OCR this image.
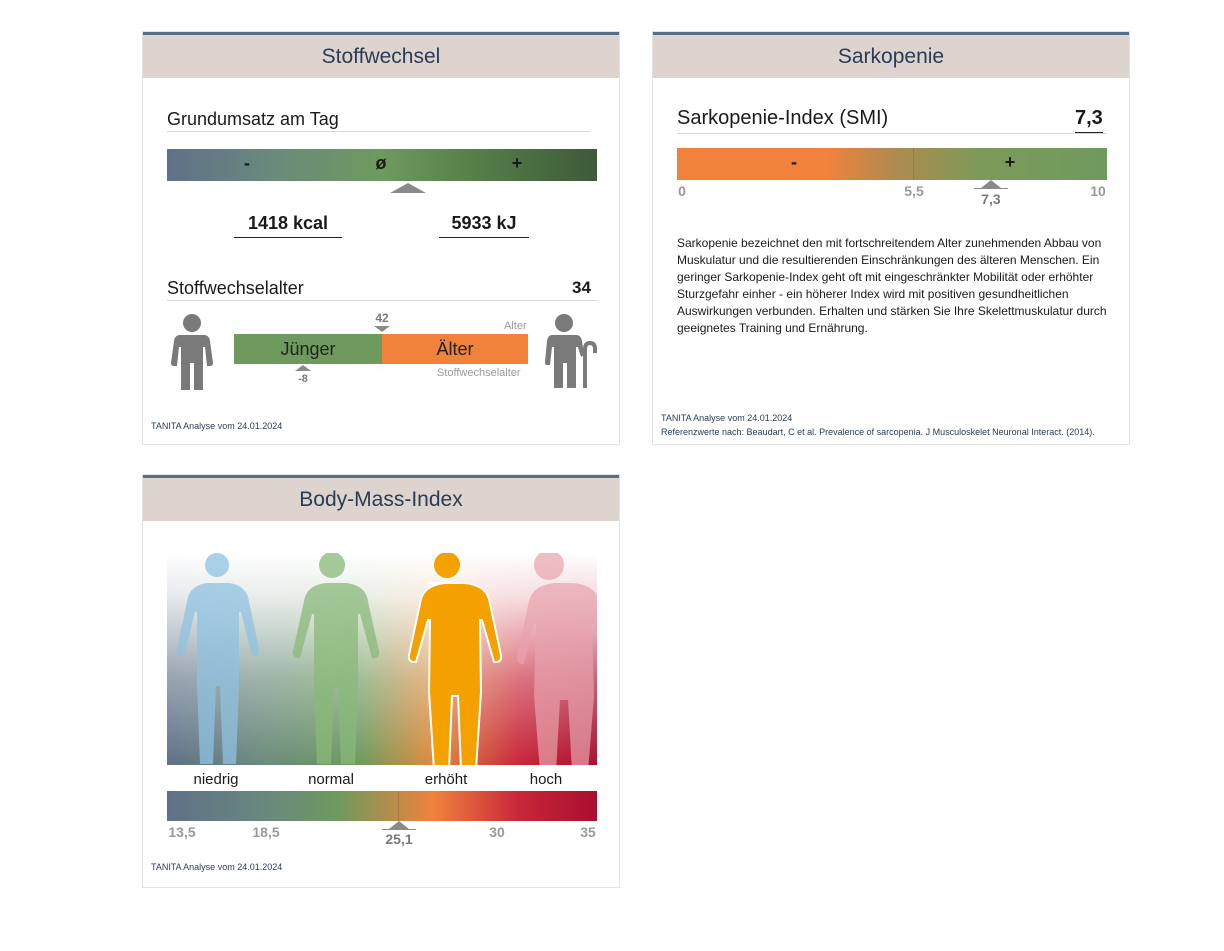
Stoffwechsel
Grundumsatz am Tag
-	ø	+
1418 kcal	5933 kJ
Stoffwechselalter	34
42
Alter
Jünger	Älter
-8	Stoffwechselalter
TANITA Analyse vom 24.01.2024
Sarkopenie
Sarkopenie-Index (SMI)	7,3
-	+
0	5,5	10
7,3
Sarkopenie bezeichnet den mit fortschreitendem Alter zunehmenden Abbau von Muskulatur und die resultierenden Einschränkungen des älteren Menschen. Ein geringer Sarkopenie-Index geht oft mit eingeschränkter Mobilität oder erhöhter Sturzgefahr einher - ein höherer Index wird mit positiven gesundheitlichen Auswirkungen verbunden. Erhalten und stärken Sie Ihre Skelettmuskulatur durch geeignetes Training und Ernährung.
TANITA Analyse vom 24.01.2024
Referenzwerte nach: Beaudart, C et al. Prevalence of sarcopenia. J Musculoskelet Neuronal Interact. (2014).
Body-Mass-Index
niedrig	normal	erhöht	hoch
13,5	18,5	30	35
25,1
TANITA Analyse vom 24.01.2024
